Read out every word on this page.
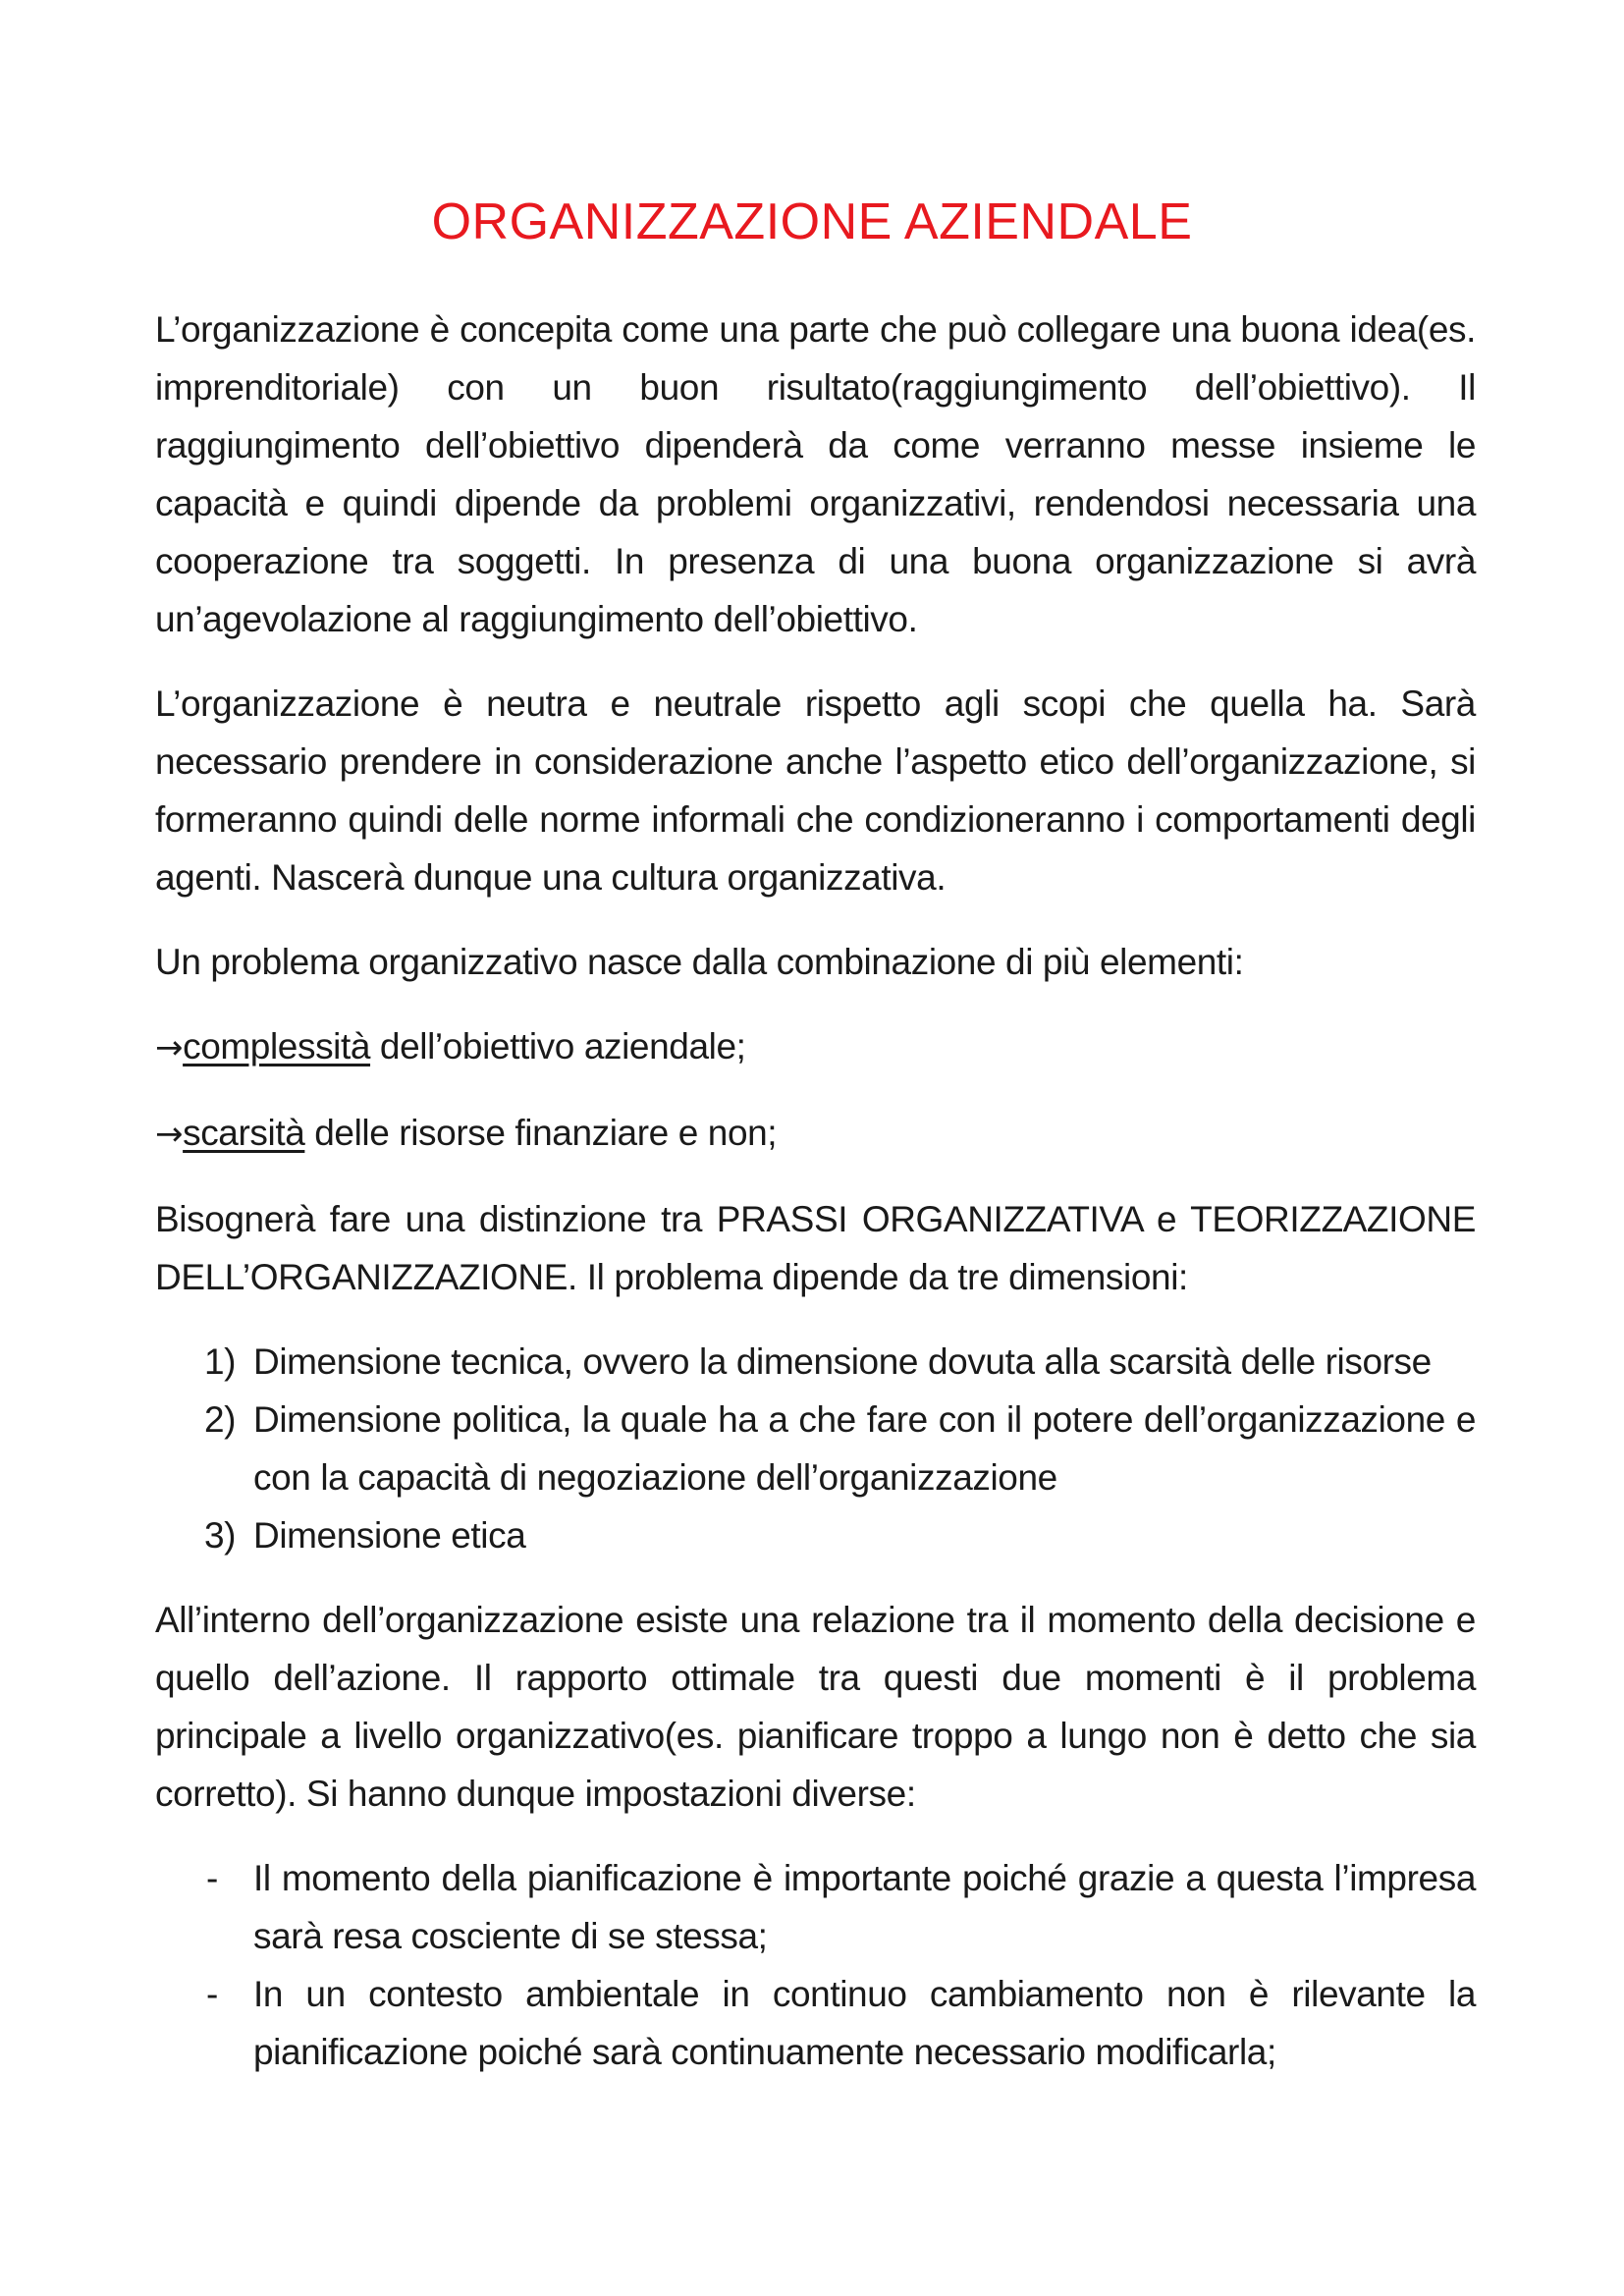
ORGANIZZAZIONE AZIENDALE

L’organizzazione è concepita come una parte che può collegare una buona idea(es. imprenditoriale) con un buon risultato(raggiungimento dell’obiettivo). Il raggiungimento dell’obiettivo dipenderà da come verranno messe insieme le capacità e quindi dipende da problemi organizzativi, rendendosi necessaria una cooperazione tra soggetti. In presenza di una buona organizzazione si avrà un’agevolazione al raggiungimento dell’obiettivo.

L’organizzazione è neutra e neutrale rispetto agli scopi che quella ha. Sarà necessario prendere in considerazione anche l’aspetto etico dell’organizzazione, si formeranno quindi delle norme informali che condizioneranno i comportamenti degli agenti. Nascerà dunque una cultura organizzativa.

Un problema organizzativo nasce dalla combinazione di più elementi:

→complessità dell’obiettivo aziendale;
→scarsità delle risorse finanziare e non;

Bisognerà fare una distinzione tra PRASSI ORGANIZZATIVA e TEORIZZAZIONE DELL’ORGANIZZAZIONE. Il problema dipende da tre dimensioni:

1) Dimensione tecnica, ovvero la dimensione dovuta alla scarsità delle risorse
2) Dimensione politica, la quale ha a che fare con il potere dell’organizzazione e con la capacità di negoziazione dell’organizzazione
3) Dimensione etica

All’interno dell’organizzazione esiste una relazione tra il momento della decisione e quello dell’azione. Il rapporto ottimale tra questi due momenti è il problema principale a livello organizzativo(es. pianificare troppo a lungo non è detto che sia corretto). Si hanno dunque impostazioni diverse:

- Il momento della pianificazione è importante poiché grazie a questa l’impresa sarà resa cosciente di se stessa;
- In un contesto ambientale in continuo cambiamento non è rilevante la pianificazione poiché sarà continuamente necessario modificarla;
